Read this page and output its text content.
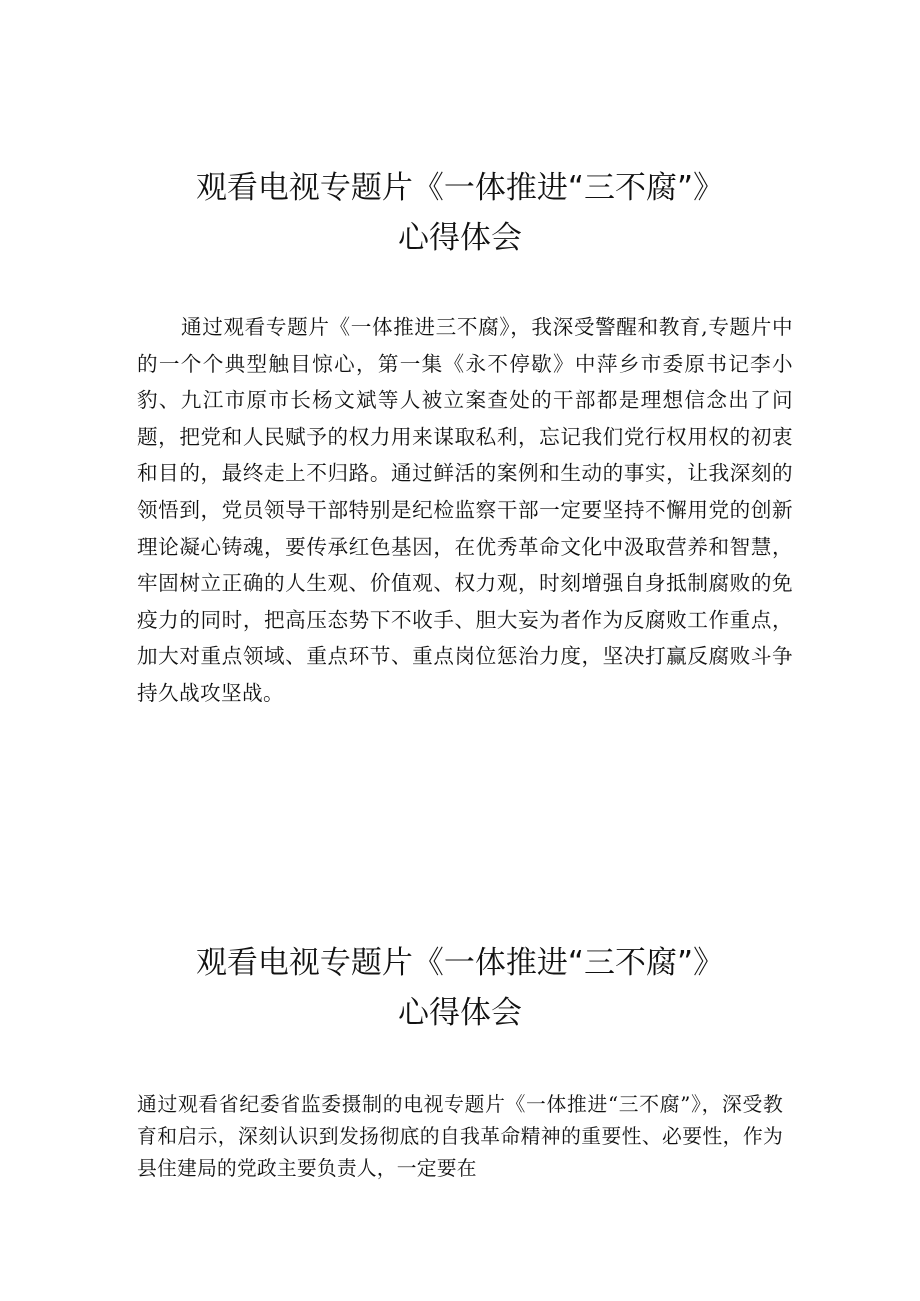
观看电视专题片《一体推进“三不腐”》
心得体会

通过观看专题片《一体推进三不腐》，我深受警醒和教育,专题片中的一个个典型触目惊心，第一集《永不停歇》中萍乡市委原书记李小豹、九江市原市长杨文斌等人被立案查处的干部都是理想信念出了问题，把党和人民赋予的权力用来谋取私利，忘记我们党行权用权的初衷和目的，最终走上不归路。通过鲜活的案例和生动的事实，让我深刻的领悟到，党员领导干部特别是纪检监察干部一定要坚持不懈用党的创新理论凝心铸魂，要传承红色基因，在优秀革命文化中汲取营养和智慧，牢固树立正确的人生观、价值观、权力观，时刻增强自身抵制腐败的免疫力的同时，把高压态势下不收手、胆大妄为者作为反腐败工作重点，加大对重点领域、重点环节、重点岗位惩治力度，坚决打赢反腐败斗争持久战攻坚战。

观看电视专题片《一体推进“三不腐”》
心得体会

通过观看省纪委省监委摄制的电视专题片《一体推进“三不腐”》，深受教育和启示，深刻认识到发扬彻底的自我革命精神的重要性、必要性，作为县住建局的党政主要负责人，一定要在
